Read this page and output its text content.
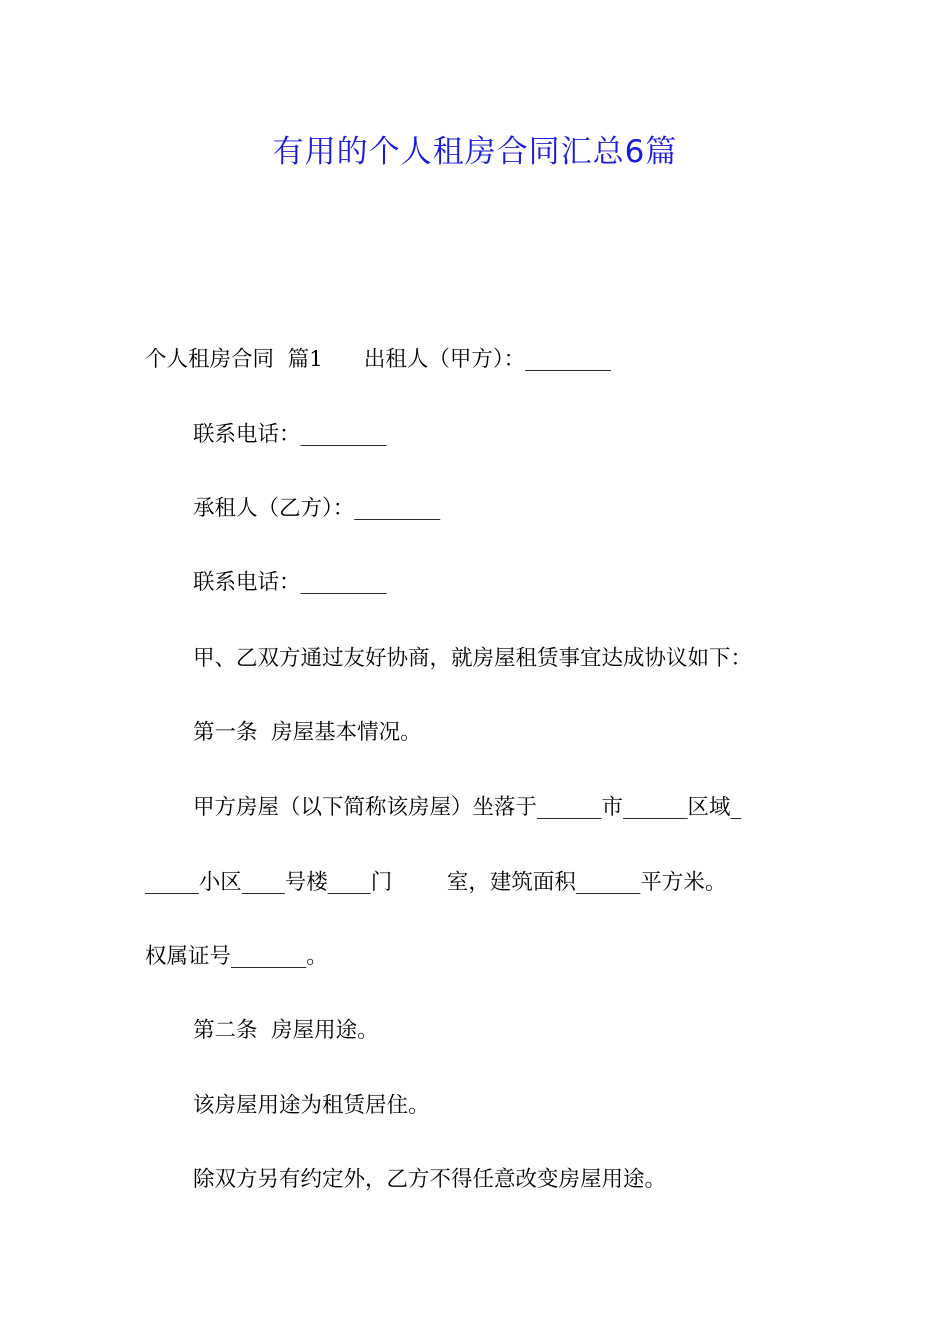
有用的个人租房合同汇总6篇
个人租房合同  篇1      出租人（甲方）：________
联系电话：________
承租人（乙方）：________
联系电话：________
甲、乙双方通过友好协商，就房屋租赁事宜达成协议如下：
第一条  房屋基本情况。
甲方房屋（以下简称该房屋）坐落于______市______区域_
_____小区____号楼____门        室，建筑面积______平方米。
权属证号_______。
第二条  房屋用途。
该房屋用途为租赁居住。
除双方另有约定外，乙方不得任意改变房屋用途。
